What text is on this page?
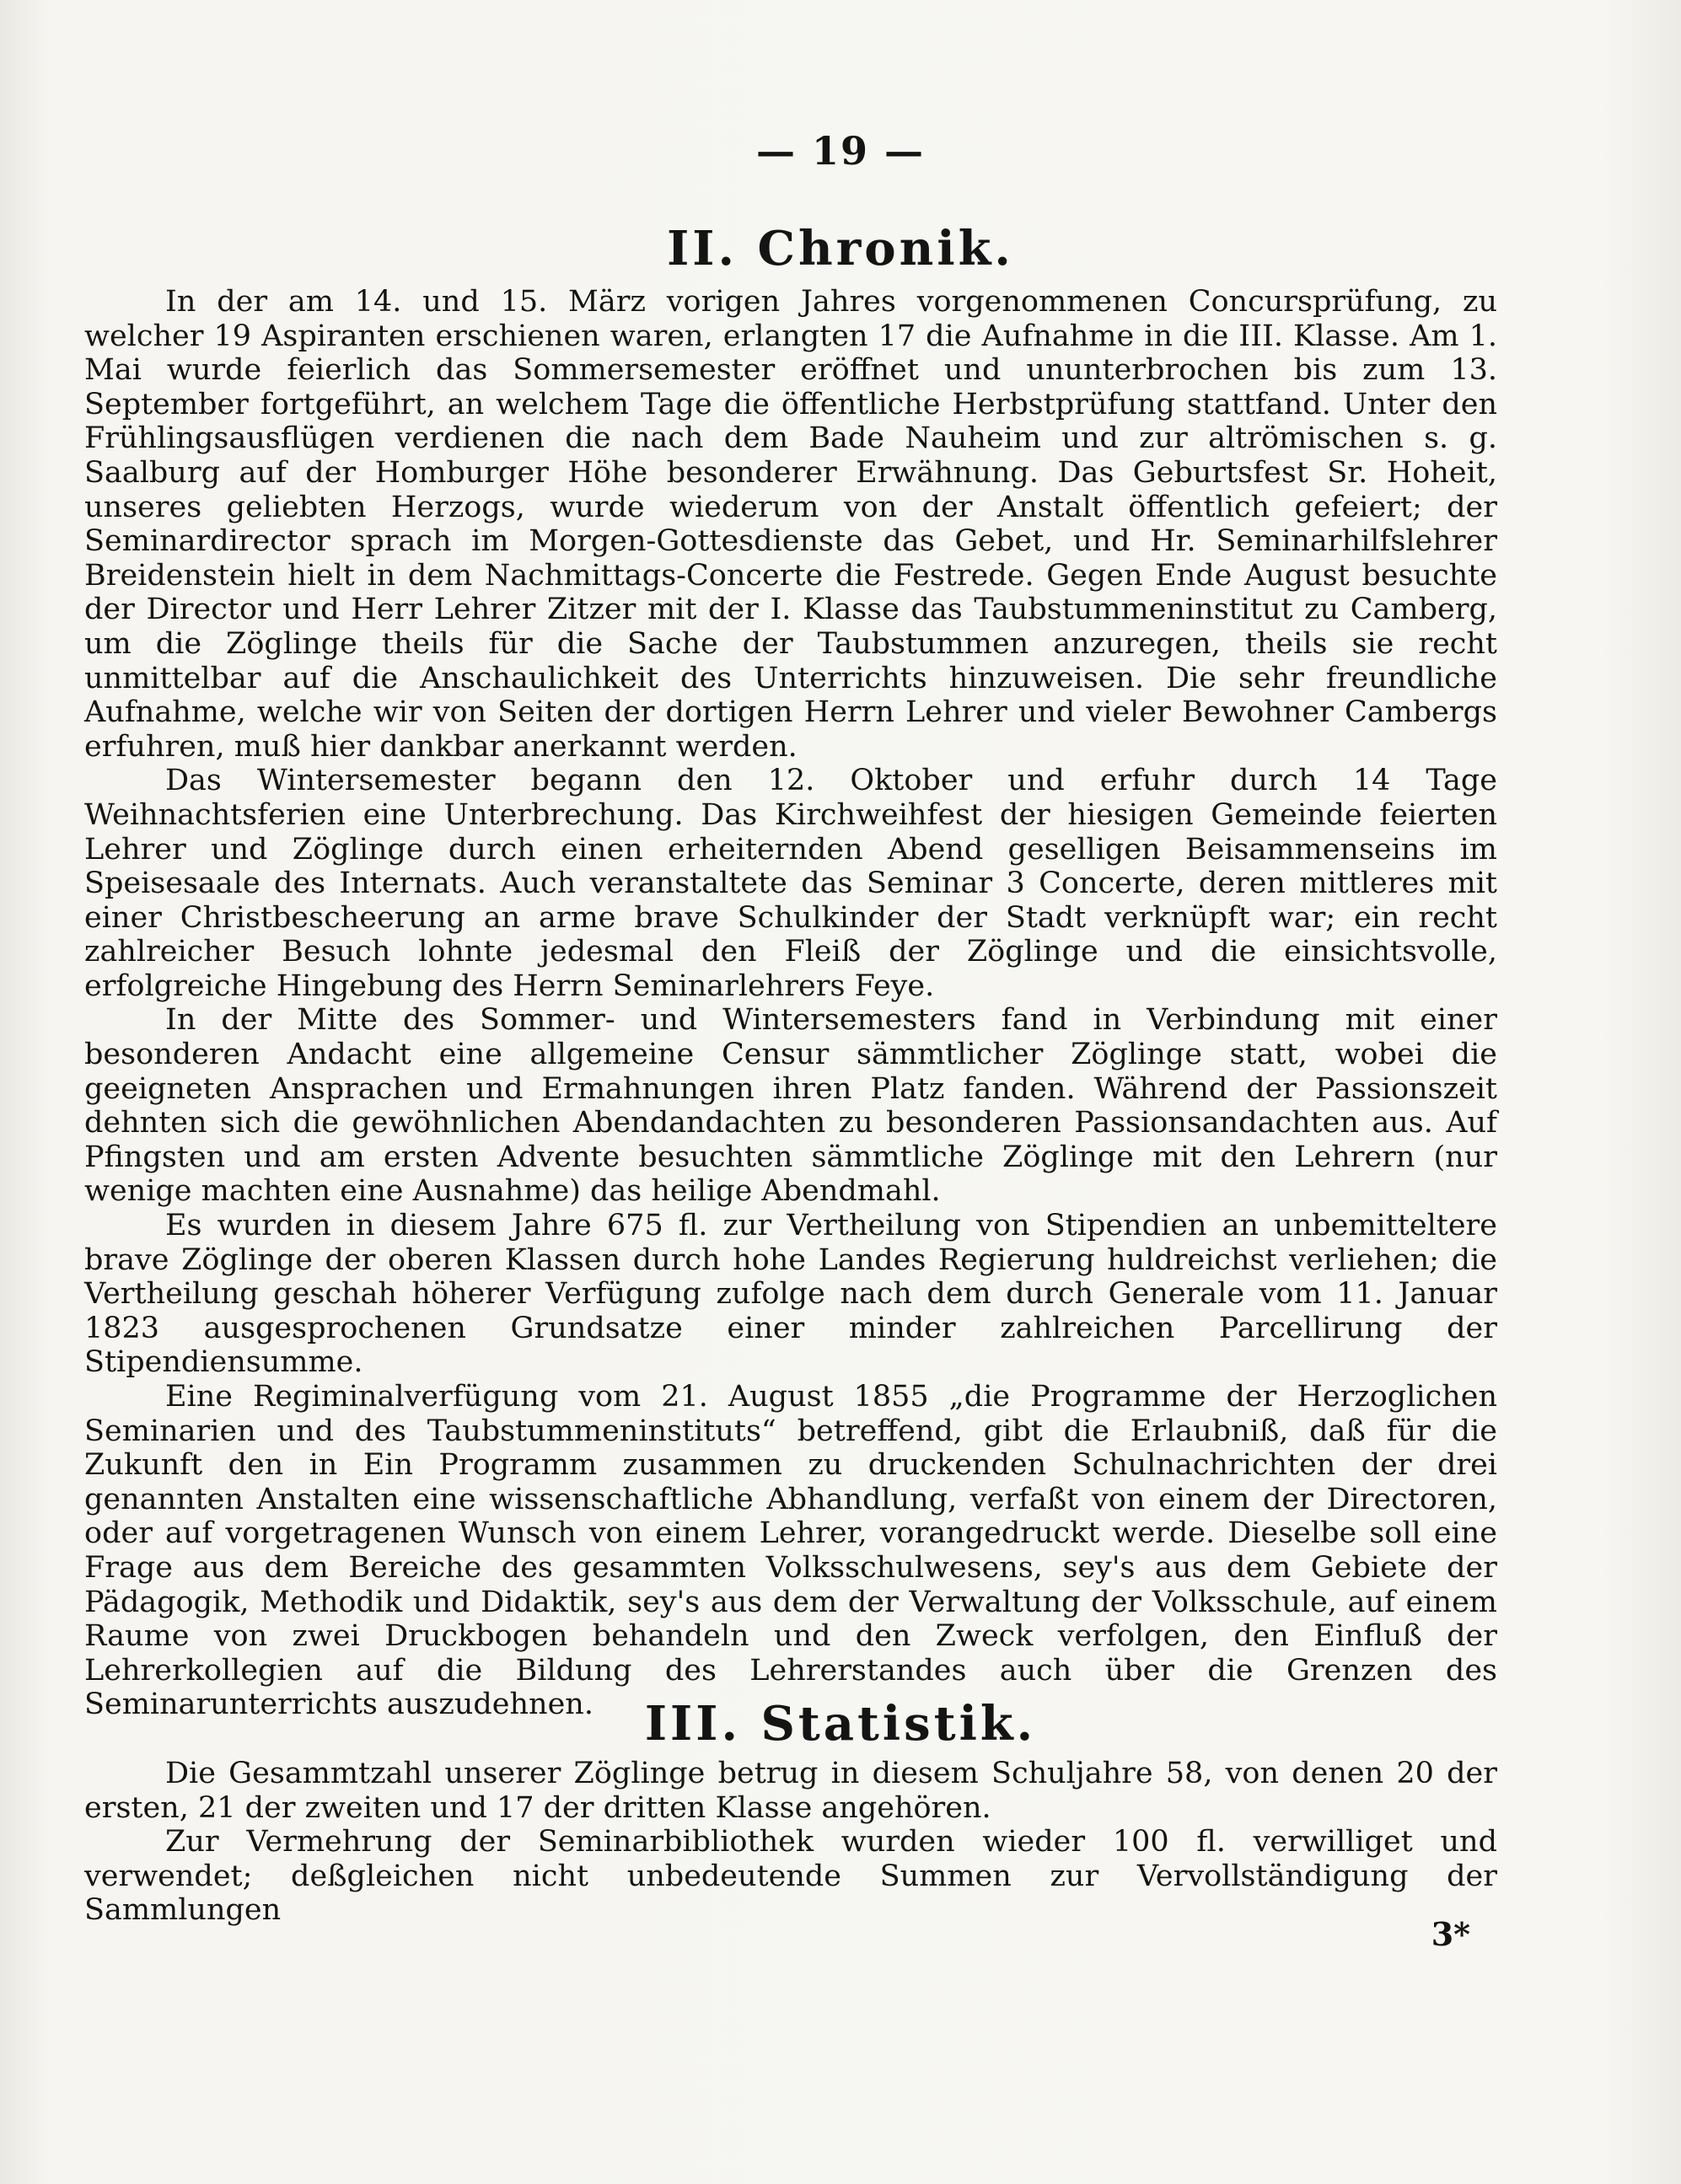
— 19 —
II. Chronik.

In der am 14. und 15. März vorigen Jahres vorgenommenen Concursprüfung, zu welcher 19 Aspiranten erschienen waren, erlangten 17 die Aufnahme in die III. Klasse. Am 1. Mai wurde feierlich das Sommersemester eröffnet und ununterbrochen bis zum 13. September fortgeführt, an welchem Tage die öffentliche Herbstprüfung stattfand. Unter den Frühlingsausflügen verdienen die nach dem Bade Nauheim und zur altrömischen s. g. Saalburg auf der Homburger Höhe besonderer Erwähnung. Das Geburtsfest Sr. Hoheit, unseres geliebten Herzogs, wurde wiederum von der Anstalt öffentlich gefeiert; der Seminardirector sprach im Morgen-Gottesdienste das Gebet, und Hr. Seminarhilfslehrer Breidenstein hielt in dem Nachmittags-Concerte die Festrede. Gegen Ende August besuchte der Director und Herr Lehrer Zitzer mit der I. Klasse das Taubstummeninstitut zu Camberg, um die Zöglinge theils für die Sache der Taubstummen anzuregen, theils sie recht unmittelbar auf die Anschaulichkeit des Unterrichts hinzuweisen. Die sehr freundliche Aufnahme, welche wir von Seiten der dortigen Herrn Lehrer und vieler Bewohner Cambergs erfuhren, muß hier dankbar anerkannt werden.

Das Wintersemester begann den 12. Oktober und erfuhr durch 14 Tage Weihnachtsferien eine Unterbrechung. Das Kirchweihfest der hiesigen Gemeinde feierten Lehrer und Zöglinge durch einen erheiternden Abend geselligen Beisammenseins im Speisesaale des Internats. Auch veranstaltete das Seminar 3 Concerte, deren mittleres mit einer Christbescheerung an arme brave Schulkinder der Stadt verknüpft war; ein recht zahlreicher Besuch lohnte jedesmal den Fleiß der Zöglinge und die einsichtsvolle, erfolgreiche Hingebung des Herrn Seminarlehrers Feye.

In der Mitte des Sommer- und Wintersemesters fand in Verbindung mit einer besonderen Andacht eine allgemeine Censur sämmtlicher Zöglinge statt, wobei die geeigneten Ansprachen und Ermahnungen ihren Platz fanden. Während der Passionszeit dehnten sich die gewöhnlichen Abendandachten zu besonderen Passionsandachten aus. Auf Pfingsten und am ersten Advente besuchten sämmtliche Zöglinge mit den Lehrern (nur wenige machten eine Ausnahme) das heilige Abendmahl.

Es wurden in diesem Jahre 675 fl. zur Vertheilung von Stipendien an unbemitteltere brave Zöglinge der oberen Klassen durch hohe Landes Regierung huldreichst verliehen; die Vertheilung geschah höherer Verfügung zufolge nach dem durch Generale vom 11. Januar 1823 ausgesprochenen Grundsatze einer minder zahlreichen Parcellirung der Stipendiensumme.

Eine Regiminalverfügung vom 21. August 1855 „die Programme der Herzoglichen Seminarien und des Taubstummeninstituts“ betreffend, gibt die Erlaubniß, daß für die Zukunft den in Ein Programm zusammen zu druckenden Schulnachrichten der drei genannten Anstalten eine wissenschaftliche Abhandlung, verfaßt von einem der Directoren, oder auf vorgetragenen Wunsch von einem Lehrer, vorangedruckt werde. Dieselbe soll eine Frage aus dem Bereiche des gesammten Volksschulwesens, sey's aus dem Gebiete der Pädagogik, Methodik und Didaktik, sey's aus dem der Verwaltung der Volksschule, auf einem Raume von zwei Druckbogen behandeln und den Zweck verfolgen, den Einfluß der Lehrerkollegien auf die Bildung des Lehrerstandes auch über die Grenzen des Seminarunterrichts auszudehnen.	III. Statistik.

Die Gesammtzahl unserer Zöglinge betrug in diesem Schuljahre 58, von denen 20 der ersten, 21 der zweiten und 17 der dritten Klasse angehören.

Zur Vermehrung der Seminarbibliothek wurden wieder 100 fl. verwilliget und verwendet; deßgleichen nicht unbedeutende Summen zur Vervollständigung der Sammlungen

3*
